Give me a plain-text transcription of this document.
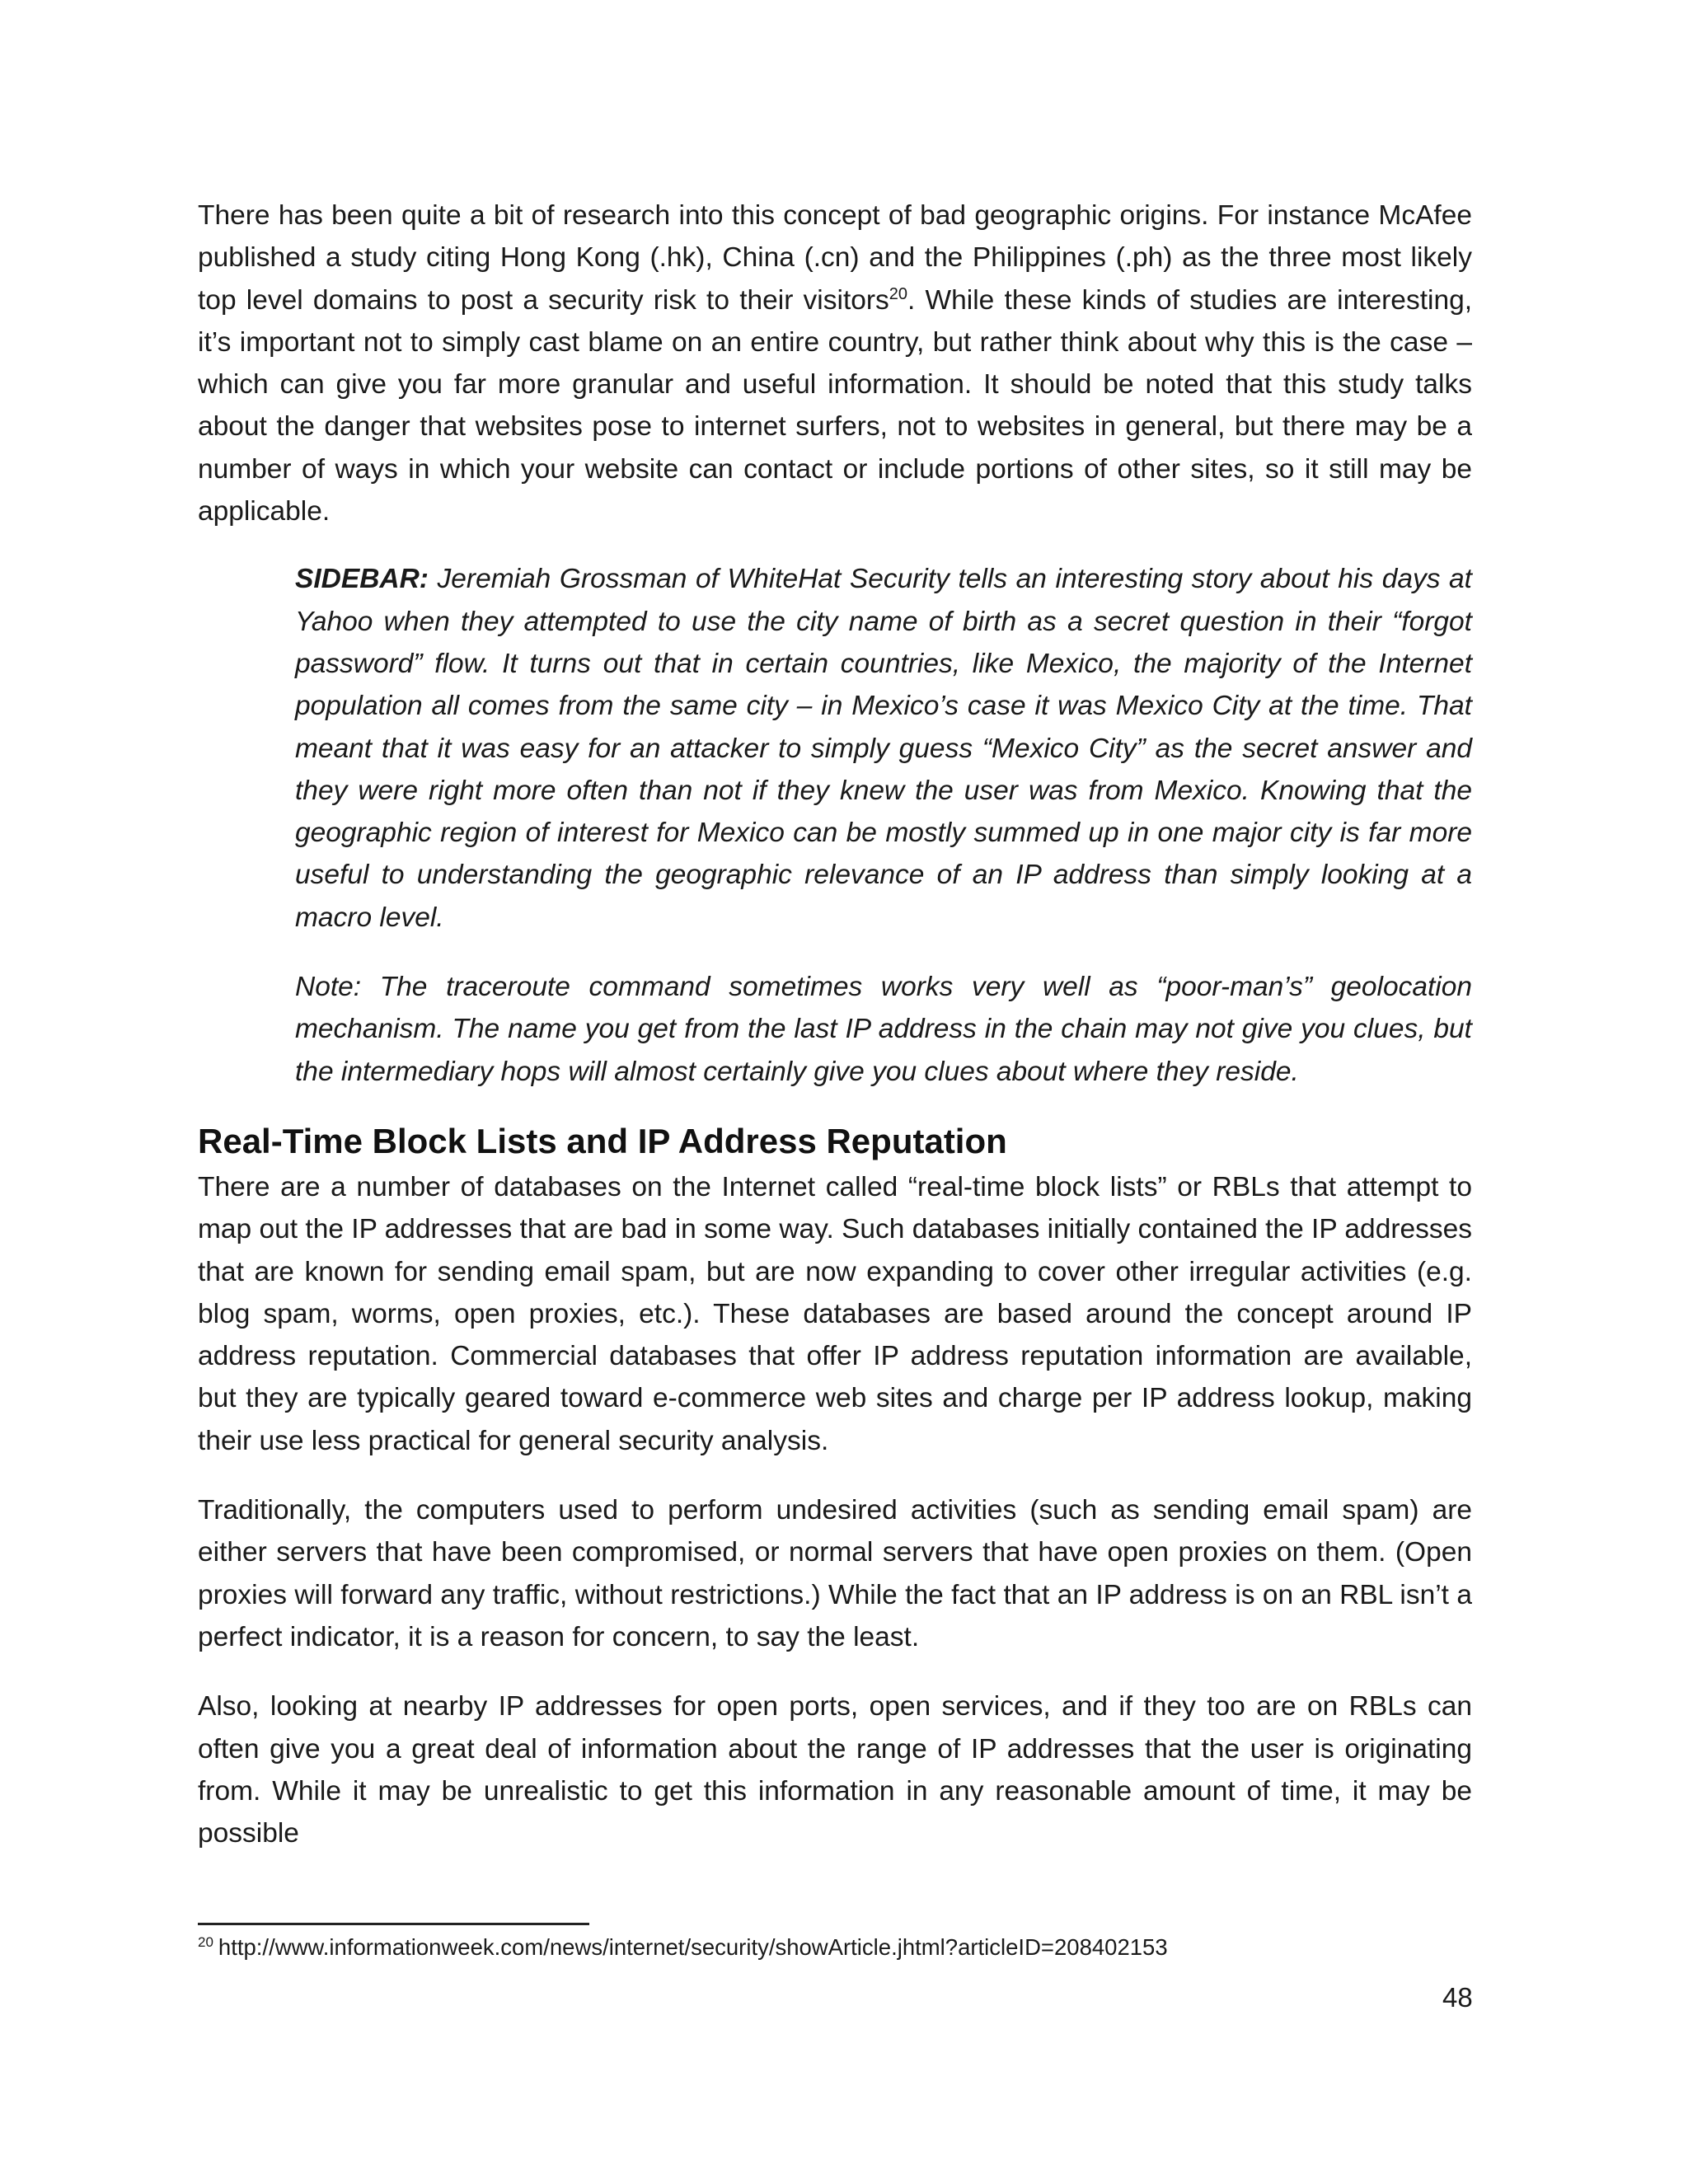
There has been quite a bit of research into this concept of bad geographic origins. For instance McAfee published a study citing Hong Kong (.hk), China (.cn) and the Philippines (.ph) as the three most likely top level domains to post a security risk to their visitors$^{20}$. While these kinds of studies are interesting, it’s important not to simply cast blame on an entire country, but rather think about why this is the case – which can give you far more granular and useful information. It should be noted that this study talks about the danger that websites pose to internet surfers, not to websites in general, but there may be a number of ways in which your website can contact or include portions of other sites, so it still may be applicable.

SIDEBAR: Jeremiah Grossman of WhiteHat Security tells an interesting story about his days at Yahoo when they attempted to use the city name of birth as a secret question in their “forgot password” flow. It turns out that in certain countries, like Mexico, the majority of the Internet population all comes from the same city – in Mexico’s case it was Mexico City at the time. That meant that it was easy for an attacker to simply guess “Mexico City” as the secret answer and they were right more often than not if they knew the user was from Mexico. Knowing that the geographic region of interest for Mexico can be mostly summed up in one major city is far more useful to understanding the geographic relevance of an IP address than simply looking at a macro level.

Note: The traceroute command sometimes works very well as “poor-man’s” geolocation mechanism. The name you get from the last IP address in the chain may not give you clues, but the intermediary hops will almost certainly give you clues about where they reside.

Real-Time Block Lists and IP Address Reputation

There are a number of databases on the Internet called “real-time block lists” or RBLs that attempt to map out the IP addresses that are bad in some way. Such databases initially contained the IP addresses that are known for sending email spam, but are now expanding to cover other irregular activities (e.g. blog spam, worms, open proxies, etc.). These databases are based around the concept around IP address reputation. Commercial databases that offer IP address reputation information are available, but they are typically geared toward e-commerce web sites and charge per IP address lookup, making their use less practical for general security analysis.

Traditionally, the computers used to perform undesired activities (such as sending email spam) are either servers that have been compromised, or normal servers that have open proxies on them. (Open proxies will forward any traffic, without restrictions.) While the fact that an IP address is on an RBL isn’t a perfect indicator, it is a reason for concern, to say the least.

Also, looking at nearby IP addresses for open ports, open services, and if they too are on RBLs can often give you a great deal of information about the range of IP addresses that the user is originating from. While it may be unrealistic to get this information in any reasonable amount of time, it may be possible

$^{20}$ http://www.informationweek.com/news/internet/security/showArticle.jhtml?articleID=208402153
48
